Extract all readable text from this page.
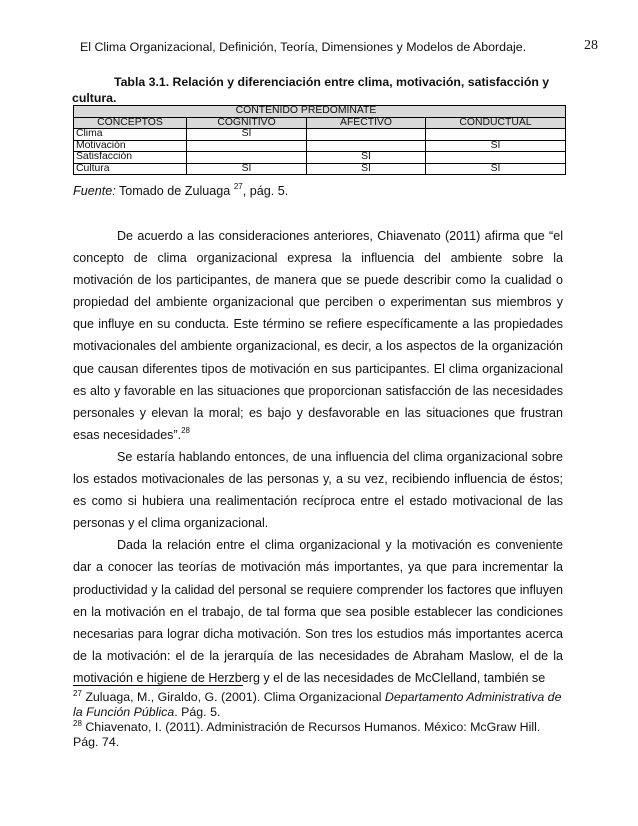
El Clima Organizacional, Definición, Teoría, Dimensiones y Modelos de Abordaje.	28
Tabla 3.1. Relación y diferenciación entre clima, motivación, satisfacción y cultura.
	CONTENIDO PREDOMINATE		
CONCEPTOS	COGNITIVO	AFECTIVO	CONDUCTUAL
Clima	SI		
Motivación			SI
Satisfacción		SI	
Cultura	SI	SI	SI
Fuente: Tomado de Zuluaga $^{27}$, pág. 5.

De acuerdo a las consideraciones anteriores, Chiavenato (2011) afirma que “el concepto de clima organizacional expresa la influencia del ambiente sobre la motivación de los participantes, de manera que se puede describir como la cualidad o propiedad del ambiente organizacional que perciben o experimentan sus miembros y que influye en su conducta. Este término se refiere específicamente a las propiedades motivacionales del ambiente organizacional, es decir, a los aspectos de la organización que causan diferentes tipos de motivación en sus participantes. El clima organizacional es alto y favorable en las situaciones que proporcionan satisfacción de las necesidades personales y elevan la moral; es bajo y desfavorable en las situaciones que frustran esas necesidades”.$^{28}$

Se estaría hablando entonces, de una influencia del clima organizacional sobre los estados motivacionales de las personas y, a su vez, recibiendo influencia de éstos; es como si hubiera una realimentación recíproca entre el estado motivacional de las personas y el clima organizacional.

Dada la relación entre el clima organizacional y la motivación es conveniente dar a conocer las teorías de motivación más importantes, ya que para incrementar la productividad y la calidad del personal se requiere comprender los factores que influyen en la motivación en el trabajo, de tal forma que sea posible establecer las condiciones necesarias para lograr dicha motivación. Son tres los estudios más importantes acerca de la motivación: el de la jerarquía de las necesidades de Abraham Maslow, el de la motivación e higiene de Herzberg y el de las necesidades de McClelland, también se

$^{27}$ Zuluaga, M., Giraldo, G. (2001). Clima Organizacional Departamento Administrativa de la Función Pública. Pág. 5.

$^{28}$ Chiavenato, I. (2011). Administración de Recursos Humanos. México: McGraw Hill. Pág. 74.
